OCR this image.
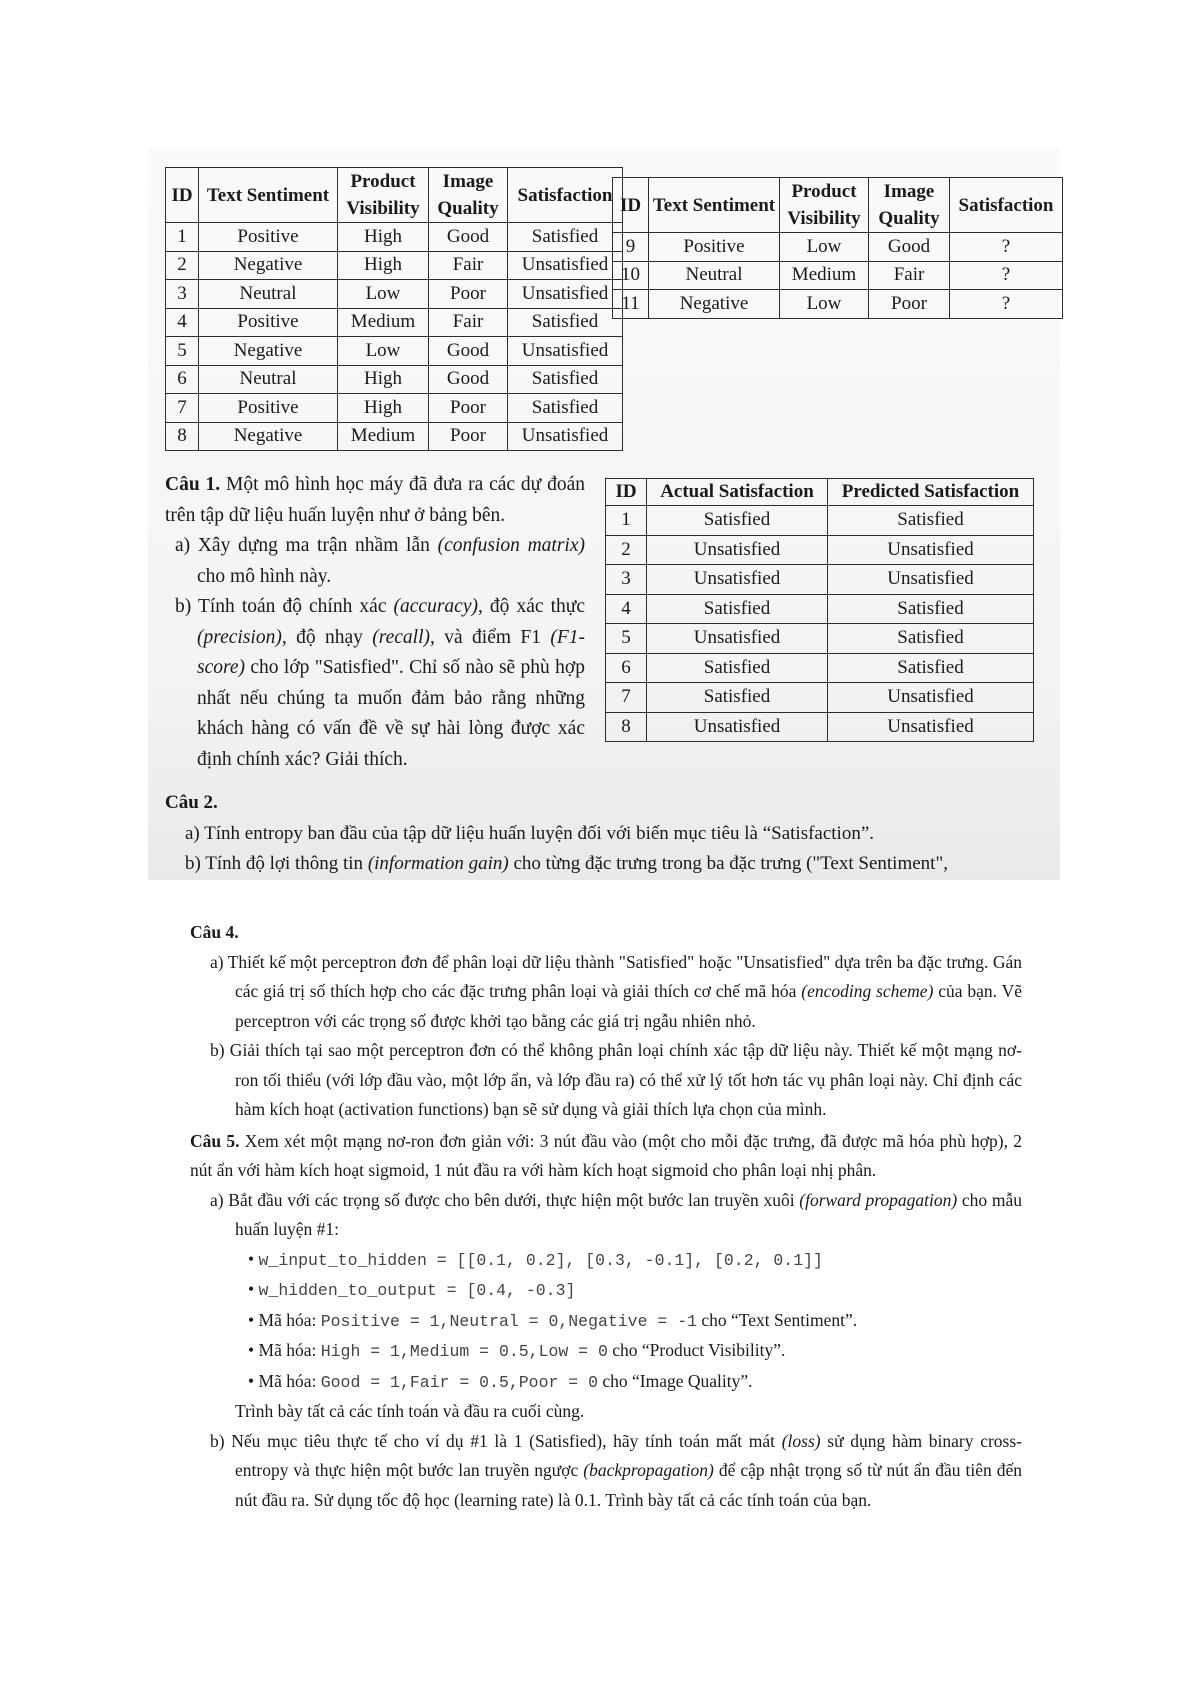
ID	Text Sentiment	Product Visibility	Image Quality	Satisfaction
1	Positive	High	Good	Satisfied
2	Negative	High	Fair	Unsatisfied
3	Neutral	Low	Poor	Unsatisfied
4	Positive	Medium	Fair	Satisfied
5	Negative	Low	Good	Unsatisfied
6	Neutral	High	Good	Satisfied
7	Positive	High	Poor	Satisfied
8	Negative	Medium	Poor	Unsatisfied
ID	Text Sentiment	Product Visibility	Image Quality	Satisfaction
9	Positive	Low	Good	?
10	Neutral	Medium	Fair	?
11	Negative	Low	Poor	?

Câu 1. Một mô hình học máy đã đưa ra các dự đoán trên tập dữ liệu huấn luyện như ở bảng bên.

a) Xây dựng ma trận nhầm lẫn (confusion matrix) cho mô hình này.

b) Tính toán độ chính xác (accuracy), độ xác thực (precision), độ nhạy (recall), và điểm F1 (F1-score) cho lớp "Satisfied". Chỉ số nào sẽ phù hợp nhất nếu chúng ta muốn đảm bảo rằng những khách hàng có vấn đề về sự hài lòng được xác định chính xác? Giải thích.

ID	Actual Satisfaction	Predicted Satisfaction
1	Satisfied	Satisfied
2	Unsatisfied	Unsatisfied
3	Unsatisfied	Unsatisfied
4	Satisfied	Satisfied
5	Unsatisfied	Satisfied
6	Satisfied	Satisfied
7	Satisfied	Unsatisfied
8	Unsatisfied	Unsatisfied

Câu 2.

a) Tính entropy ban đầu của tập dữ liệu huấn luyện đối với biến mục tiêu là “Satisfaction”.

b) Tính độ lợi thông tin (information gain) cho từng đặc trưng trong ba đặc trưng ("Text Sentiment",

Câu 4.

a) Thiết kế một perceptron đơn để phân loại dữ liệu thành "Satisfied" hoặc "Unsatisfied" dựa trên ba đặc trưng. Gán các giá trị số thích hợp cho các đặc trưng phân loại và giải thích cơ chế mã hóa (encoding scheme) của bạn. Vẽ perceptron với các trọng số được khởi tạo bằng các giá trị ngẫu nhiên nhỏ.

b) Giải thích tại sao một perceptron đơn có thể không phân loại chính xác tập dữ liệu này. Thiết kế một mạng nơ-ron tối thiểu (với lớp đầu vào, một lớp ẩn, và lớp đầu ra) có thể xử lý tốt hơn tác vụ phân loại này. Chỉ định các hàm kích hoạt (activation functions) bạn sẽ sử dụng và giải thích lựa chọn của mình.

Câu 5. Xem xét một mạng nơ-ron đơn giản với: 3 nút đầu vào (một cho mỗi đặc trưng, đã được mã hóa phù hợp), 2 nút ẩn với hàm kích hoạt sigmoid, 1 nút đầu ra với hàm kích hoạt sigmoid cho phân loại nhị phân.

a) Bắt đầu với các trọng số được cho bên dưới, thực hiện một bước lan truyền xuôi (forward propagation) cho mẫu huấn luyện #1:

• w_input_to_hidden = [[0.1, 0.2], [0.3, -0.1], [0.2, 0.1]]

• w_hidden_to_output = [0.4, -0.3]

• Mã hóa: Positive = 1,Neutral = 0,Negative = -1 cho “Text Sentiment”.

• Mã hóa: High = 1,Medium = 0.5,Low = 0 cho “Product Visibility”.

• Mã hóa: Good = 1,Fair = 0.5,Poor = 0 cho “Image Quality”.

Trình bày tất cả các tính toán và đầu ra cuối cùng.

b) Nếu mục tiêu thực tế cho ví dụ #1 là 1 (Satisfied), hãy tính toán mất mát (loss) sử dụng hàm binary cross-entropy và thực hiện một bước lan truyền ngược (backpropagation) để cập nhật trọng số từ nút ẩn đầu tiên đến nút đầu ra. Sử dụng tốc độ học (learning rate) là 0.1. Trình bày tất cả các tính toán của bạn.
